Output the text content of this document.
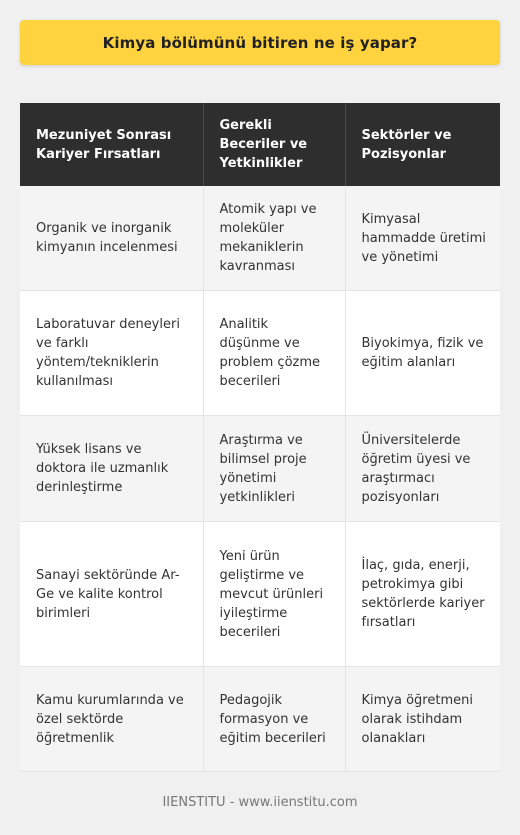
Kimya bölümünü bitiren ne iş yapar?
Mezuniyet Sonrası Kariyer Fırsatları	Gerekli Beceriler ve Yetkinlikler	Sektörler ve Pozisyonlar
Organik ve inorganik kimyanın incelenmesi	Atomik yapı ve moleküler mekaniklerin kavranması	Kimyasal hammadde üretimi ve yönetimi
Laboratuvar deneyleri ve farklı yöntem/tekniklerin kullanılması	Analitik düşünme ve problem çözme becerileri	Biyokimya, fizik ve eğitim alanları
Yüksek lisans ve doktora ile uzmanlık derinleştirme	Araştırma ve bilimsel proje yönetimi yetkinlikleri	Üniversitelerde öğretim üyesi ve araştırmacı pozisyonları
Sanayi sektöründe Ar-Ge ve kalite kontrol birimleri	Yeni ürün geliştirme ve mevcut ürünleri iyileştirme becerileri	İlaç, gıda, enerji, petrokimya gibi sektörlerde kariyer fırsatları
Kamu kurumlarında ve özel sektörde öğretmenlik	Pedagojik formasyon ve eğitim becerileri	Kimya öğretmeni olarak istihdam olanakları
IIENSTITU - www.iienstitu.com
